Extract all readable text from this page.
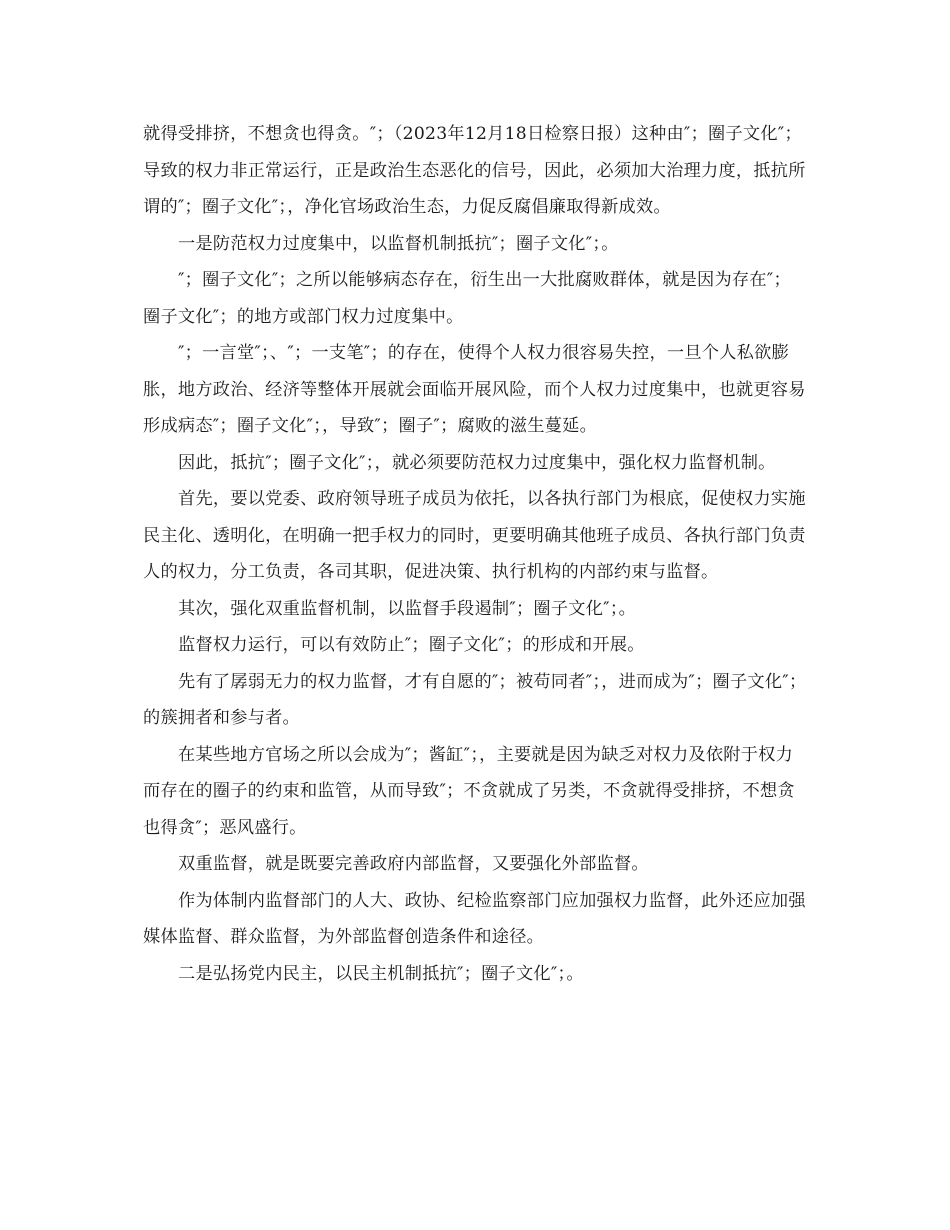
就得受排挤，不想贪也得贪。″；（2023年12月18日检察日报）这种由″；圈子文化″；导致的权力非正常运行，正是政治生态恶化的信号，因此，必须加大治理力度，抵抗所谓的″；圈子文化″；，净化官场政治生态，力促反腐倡廉取得新成效。

一是防范权力过度集中，以监督机制抵抗″；圈子文化″；。

″；圈子文化″；之所以能够病态存在，衍生出一大批腐败群体，就是因为存在″；圈子文化″；的地方或部门权力过度集中。

″；一言堂″；、″；一支笔″；的存在，使得个人权力很容易失控，一旦个人私欲膨胀，地方政治、经济等整体开展就会面临开展风险，而个人权力过度集中，也就更容易形成病态″；圈子文化″；，导致″；圈子″；腐败的滋生蔓延。

因此，抵抗″；圈子文化″；，就必须要防范权力过度集中，强化权力监督机制。

首先，要以党委、政府领导班子成员为依托，以各执行部门为根底，促使权力实施民主化、透明化，在明确一把手权力的同时，更要明确其他班子成员、各执行部门负责人的权力，分工负责，各司其职，促进决策、执行机构的内部约束与监督。

其次，强化双重监督机制，以监督手段遏制″；圈子文化″；。

监督权力运行，可以有效防止″；圈子文化″；的形成和开展。

先有了孱弱无力的权力监督，才有自愿的″；被苟同者″；，进而成为″；圈子文化″；的簇拥者和参与者。

在某些地方官场之所以会成为″；酱缸″；，主要就是因为缺乏对权力及依附于权力而存在的圈子的约束和监管，从而导致″；不贪就成了另类，不贪就得受排挤，不想贪也得贪″；恶风盛行。

双重监督，就是既要完善政府内部监督，又要强化外部监督。

作为体制内监督部门的人大、政协、纪检监察部门应加强权力监督，此外还应加强媒体监督、群众监督，为外部监督创造条件和途径。

二是弘扬党内民主，以民主机制抵抗″；圈子文化″；。
